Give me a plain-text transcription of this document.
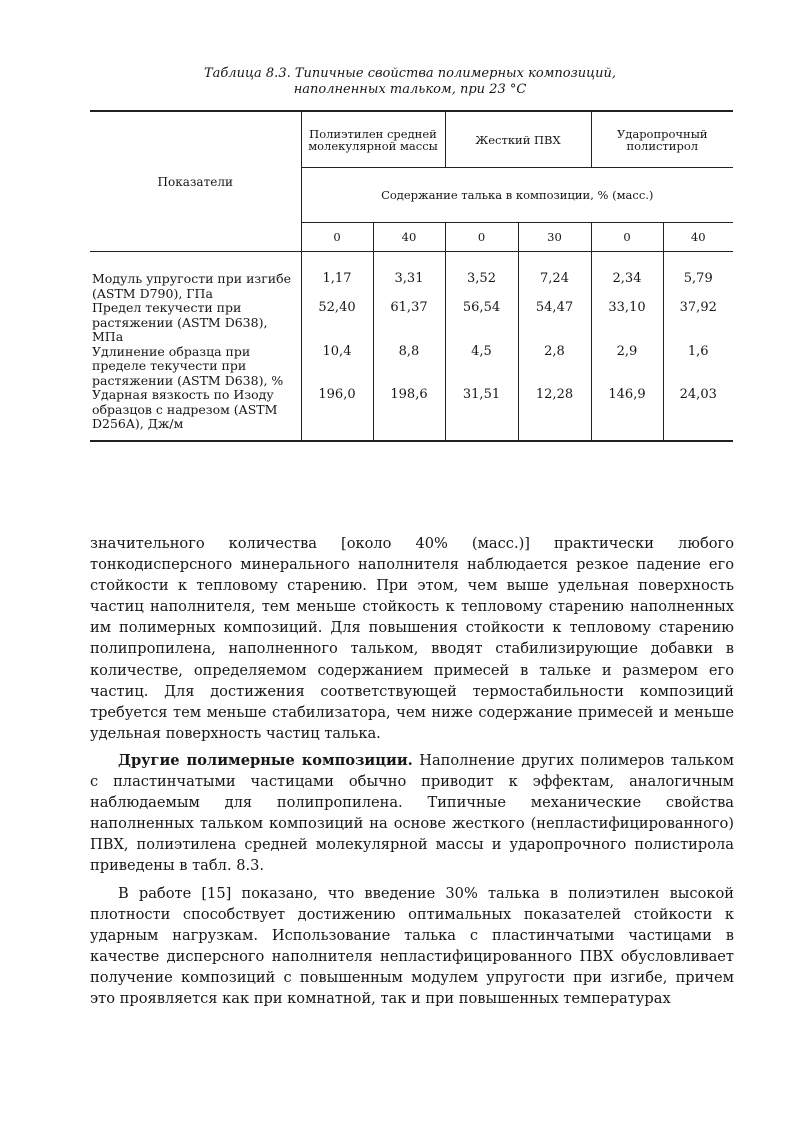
Таблица 8.3. Типичные свойства полимерных композиций,
наполненных тальком, при 23 °С
Показатели	Полиэтилен средней молекулярной массы		Жесткий ПВХ		Ударопрочный полистирол	
	Содержание талька в композиции, % (масс.)					
	0	40	0	30	0	40
Модуль упругости при изгибе (ASTM D790), ГПа	1,17	3,31	3,52	7,24	2,34	5,79
Предел текучести при растяжении (ASTM D638), МПа	52,40	61,37	56,54	54,47	33,10	37,92
Удлинение образца при пределе текучести при растяжении (ASTM D638), %	10,4	8,8	4,5	2,8	2,9	1,6
Ударная вязкость по Изоду образцов с надрезом (ASTM D256A), Дж/м	196,0	198,6	31,51	12,28	146,9	24,03

значительного количества [около 40% (масс.)] практически любого тонкодисперсного минерального наполнителя наблюдается резкое падение его стойкости к тепловому старению. При этом, чем выше удельная поверхность частиц наполнителя, тем меньше стойкость к тепловому старению наполненных им полимерных композиций. Для повышения стойкости к тепловому старению полипропилена, наполненного тальком, вводят стабилизирующие добавки в количестве, определяемом содержанием примесей в тальке и размером его частиц. Для достижения соответствующей термостабильности композиций требуется тем меньше стабилизатора, чем ниже содержание примесей и меньше удельная поверхность частиц талька.

Другие полимерные композиции. Наполнение других полимеров тальком с пластинчатыми частицами обычно приводит к эффектам, аналогичным наблюдаемым для полипропилена. Типичные механические свойства наполненных тальком композиций на основе жесткого (непластифицированного) ПВХ, полиэтилена средней молекулярной массы и ударопрочного полистирола приведены в табл. 8.3.

В работе [15] показано, что введение 30% талька в полиэтилен высокой плотности способствует достижению оптимальных показателей стойкости к ударным нагрузкам. Использование талька с пластинчатыми частицами в качестве дисперсного наполнителя непластифицированного ПВХ обусловливает получение композиций с повышенным модулем упругости при изгибе, причем это проявляется как при комнатной, так и при повышенных температурах
